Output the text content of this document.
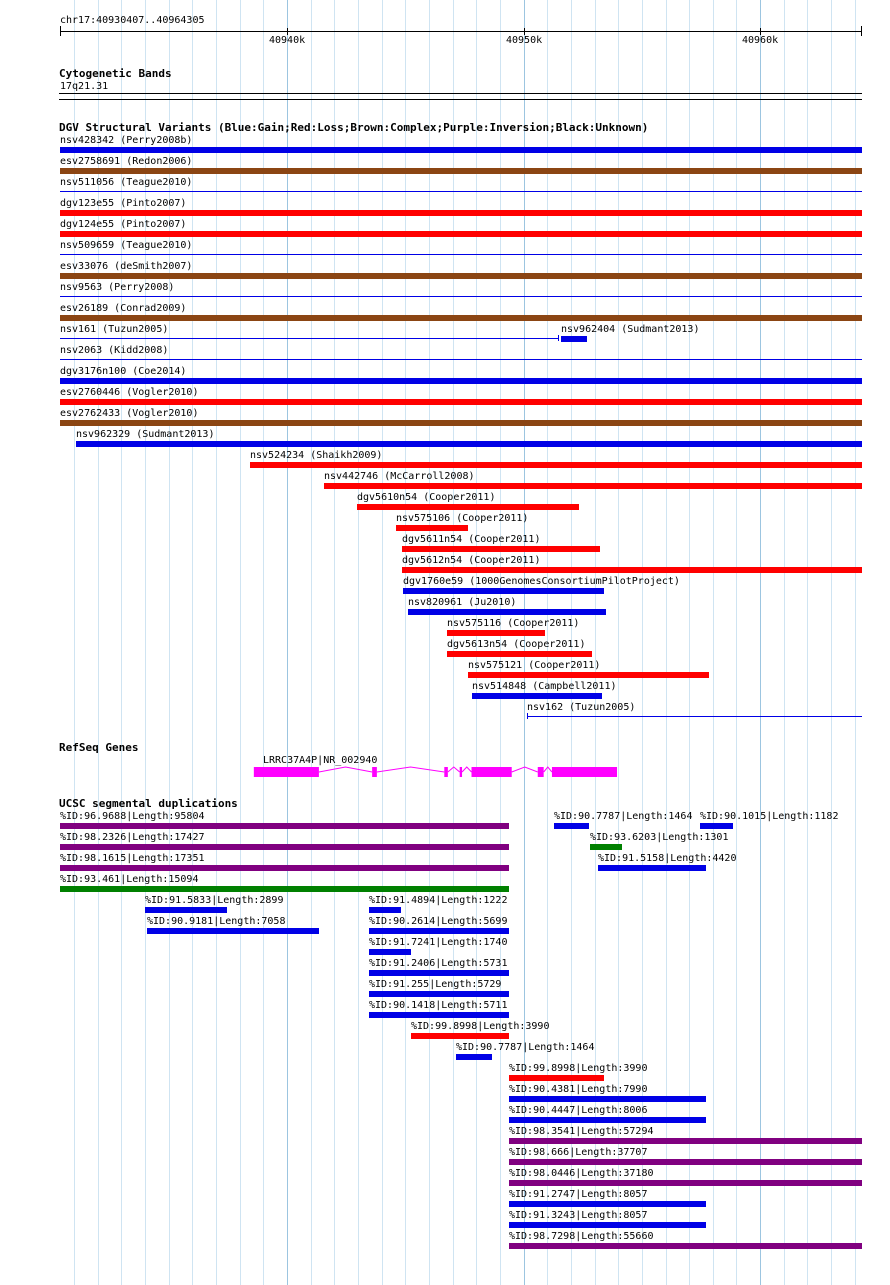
chr17:40930407..40964305
40940k	40950k	40960k
Cytogenetic Bands
17q21.31
DGV Structural Variants (Blue:Gain;Red:Loss;Brown:Complex;Purple:Inversion;Black:Unknown)
nsv428342 (Perry2008b)
esv2758691 (Redon2006)
nsv511056 (Teague2010)
dgv123e55 (Pinto2007)
dgv124e55 (Pinto2007)
nsv509659 (Teague2010)
esv33076 (deSmith2007)
nsv9563 (Perry2008)
esv26189 (Conrad2009)
nsv161 (Tuzun2005)	nsv962404 (Sudmant2013)
nsv2063 (Kidd2008)
dgv3176n100 (Coe2014)
esv2760446 (Vogler2010)
esv2762433 (Vogler2010)
nsv962329 (Sudmant2013)
nsv524234 (Shaikh2009)
nsv442746 (McCarroll2008)
dgv5610n54 (Cooper2011)
nsv575106 (Cooper2011)
dgv5611n54 (Cooper2011)
dgv5612n54 (Cooper2011)
dgv1760e59 (1000GenomesConsortiumPilotProject)
nsv820961 (Ju2010)
nsv575116 (Cooper2011)
dgv5613n54 (Cooper2011)
nsv575121 (Cooper2011)
nsv514848 (Campbell2011)
nsv162 (Tuzun2005)
RefSeq Genes
LRRC37A4P|NR_002940
UCSC segmental duplications
%ID:96.9688|Length:95804	%ID:90.7787|Length:1464 %ID:90.1015|Length:1182
%ID:98.2326|Length:17427	%ID:93.6203|Length:1301
%ID:98.1615|Length:17351	%ID:91.5158|Length:4420
%ID:93.461|Length:15094
%ID:91.5833|Length:2899	%ID:91.4894|Length:1222
%ID:90.9181|Length:7058	%ID:90.2614|Length:5699
%ID:91.7241|Length:1740
%ID:91.2406|Length:5731
%ID:91.255|Length:5729
%ID:90.1418|Length:5711
%ID:99.8998|Length:3990
%ID:90.7787|Length:1464
%ID:99.8998|Length:3990
%ID:90.4381|Length:7990
%ID:90.4447|Length:8006
%ID:98.3541|Length:57294
%ID:98.666|Length:37707
%ID:98.0446|Length:37180
%ID:91.2747|Length:8057
%ID:91.3243|Length:8057
%ID:98.7298|Length:55660
